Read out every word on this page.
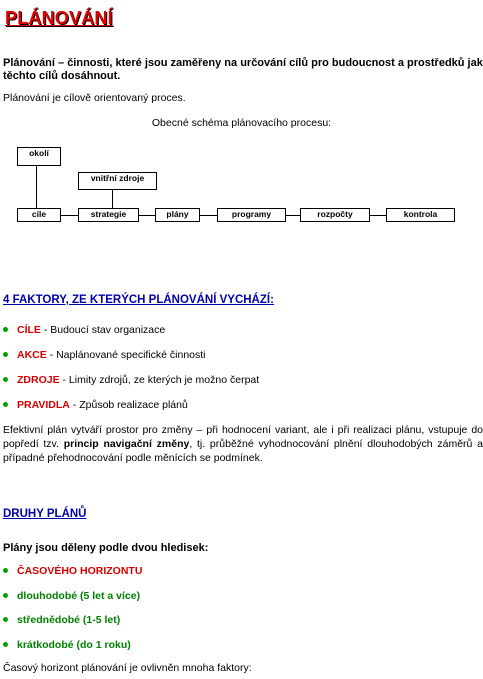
PLÁNOVÁNÍ
Plánování – činnosti, které jsou zaměřeny na určování cílů pro budoucnost a prostředků jak těchto cílů dosáhnout.
Plánování je cílově orientovaný proces.
Obecné schéma plánovacího procesu:
okolí
vnitřní zdroje
cíle	strategie	plány	programy	rozpočty	kontrola
4 FAKTORY, ZE KTERÝCH PLÁNOVÁNÍ VYCHÁZÍ:
CÍLE - Budoucí stav organizace
AKCE - Naplánované specifické činnosti
ZDROJE - Limity zdrojů, ze kterých je možno čerpat
PRAVIDLA - Způsob realizace plánů
Efektivní plán vytváří prostor pro změny – při hodnocení variant, ale i při realizaci plánu, vstupuje do popředí tzv. princip navigační změny, tj. průběžné vyhodnocování plnění dlouhodobých záměrů a případné přehodnocování podle měnících se podmínek.
DRUHY PLÁNŮ
Plány jsou děleny podle dvou hledisek:
ČASOVÉHO HORIZONTU
dlouhodobé (5 let a více)
střednědobé (1-5 let)
krátkodobé (do 1 roku)
Časový horizont plánování je ovlivněn mnoha faktory:
